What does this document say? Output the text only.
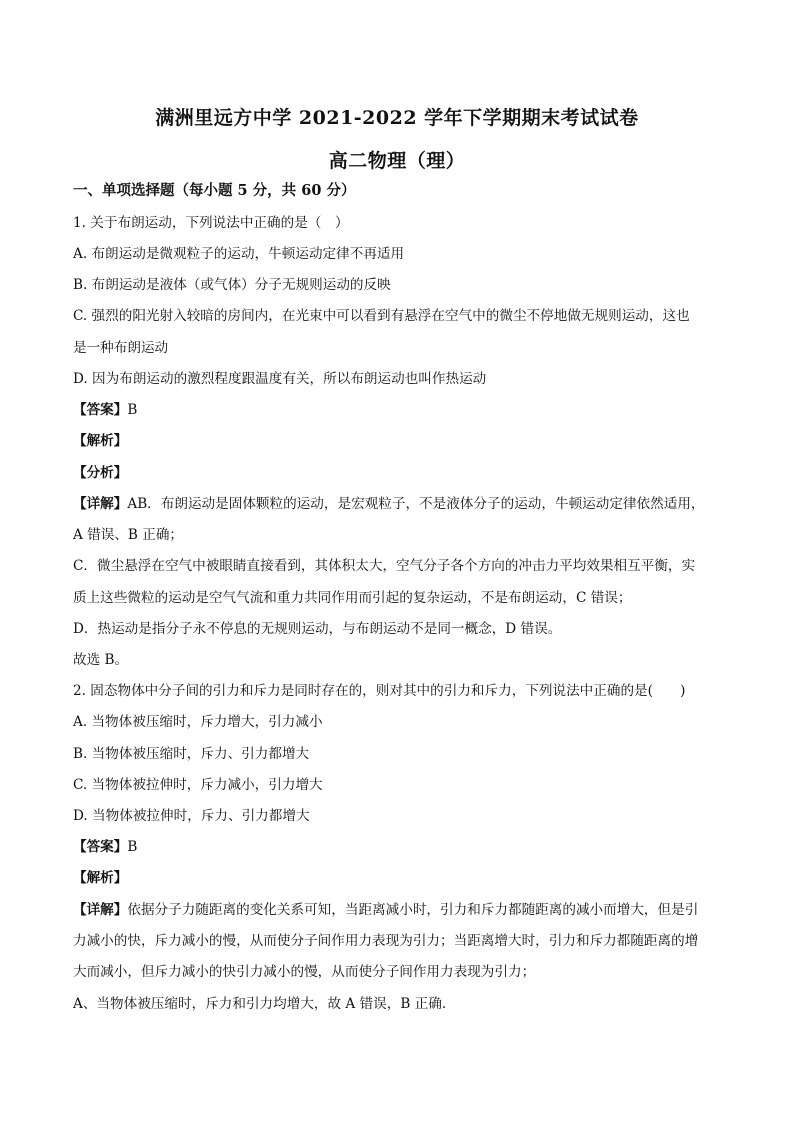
满洲里远方中学 2021-2022 学年下学期期末考试试卷
高二物理（理）
一、单项选择题（每小题 5 分，共 60 分）
1. 关于布朗运动，下列说法中正确的是（　）
A. 布朗运动是微观粒子的运动，牛顿运动定律不再适用
B. 布朗运动是液体（或气体）分子无规则运动的反映
C. 强烈的阳光射入较暗的房间内，在光束中可以看到有悬浮在空气中的微尘不停地做无规则运动，这也
是一种布朗运动
D. 因为布朗运动的激烈程度跟温度有关，所以布朗运动也叫作热运动
【答案】B
【解析】
【分析】
【详解】AB．布朗运动是固体颗粒的运动，是宏观粒子，不是液体分子的运动，牛顿运动定律依然适用，
A 错误、B 正确；
C．微尘悬浮在空气中被眼睛直接看到，其体积太大，空气分子各个方向的冲击力平均效果相互平衡，实
质上这些微粒的运动是空气气流和重力共同作用而引起的复杂运动，不是布朗运动，C 错误；
D．热运动是指分子永不停息的无规则运动，与布朗运动不是同一概念，D 错误。
故选 B。
2. 固态物体中分子间的引力和斥力是同时存在的，则对其中的引力和斥力，下列说法中正确的是(　　)
A. 当物体被压缩时，斥力增大，引力减小
B. 当物体被压缩时，斥力、引力都增大
C. 当物体被拉伸时，斥力减小，引力增大
D. 当物体被拉伸时，斥力、引力都增大
【答案】B
【解析】
【详解】依据分子力随距离的变化关系可知，当距离减小时，引力和斥力都随距离的减小而增大，但是引
力减小的快，斥力减小的慢，从而使分子间作用力表现为引力；当距离增大时，引力和斥力都随距离的增
大而减小，但斥力减小的快引力减小的慢，从而使分子间作用力表现为引力；
A、当物体被压缩时，斥力和引力均增大，故 A 错误，B 正确．
